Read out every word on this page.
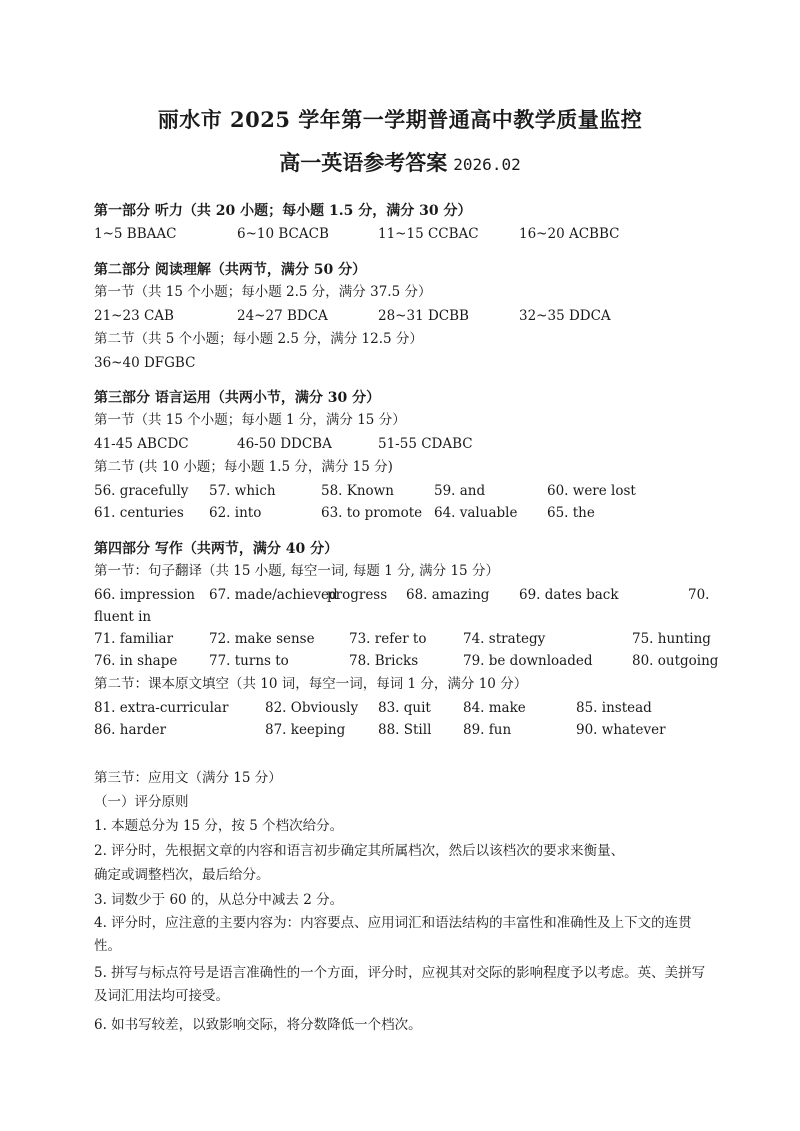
丽水市 2025 学年第一学期普通高中教学质量监控
高一英语参考答案 2026.02
第一部分 听力（共 20 小题；每小题 1.5 分，满分 30 分）
1~5 BBAAC	6~10 BCACB	11~15 CCBAC	16~20 ACBBC
第二部分 阅读理解（共两节，满分 50 分）
第一节（共 15 个小题；每小题 2.5 分，满分 37.5 分）
21~23 CAB	24~27 BDCA	28~31 DCBB	32~35 DDCA
第二节（共 5 个小题；每小题 2.5 分，满分 12.5 分）
36~40 DFGBC
第三部分 语言运用（共两小节，满分 30 分）
第一节（共 15 个小题；每小题 1 分，满分 15 分）
41-45 ABCDC	46-50 DDCBA	51-55 CDABC
第二节 (共 10 小题；每小题 1.5 分，满分 15 分)
56. gracefully 57. which	58. Known	59. and	60. were lost
61. centuries 62. into	63. to promote 64. valuable 65. the
第四部分 写作（共两节，满分 40 分）
第一节：句子翻译（共 15 小题, 每空一词, 每题 1 分, 满分 15 分）
66. impression 67. made/achieved
progress 68. amazing 69. dates back	70.
fluent in
71. familiar	72. make sense	73. refer to	74. strategy	75. hunting
76. in shape 77. turns to	78. Bricks	79. be downloaded	80. outgoing
第二节：课本原文填空（共 10 词，每空一词，每词 1 分，满分 10 分）
81. extra-curricular	82. Obviously 83. quit 84. make	85. instead
86. harder	87. keeping 88. Still 89. fun	90. whatever
第三节：应用文（满分 15 分）
（一）评分原则
1. 本题总分为 15 分，按 5 个档次给分。
2. 评分时，先根据文章的内容和语言初步确定其所属档次，然后以该档次的要求来衡量、
确定或调整档次，最后给分。
3. 词数少于 60 的，从总分中减去 2 分。
4. 评分时，应注意的主要内容为：内容要点、应用词汇和语法结构的丰富性和准确性及上下文的连贯性。
5. 拼写与标点符号是语言准确性的一个方面，评分时，应视其对交际的影响程度予以考虑。英、美拼写及词汇用法均可接受。
6. 如书写较差，以致影响交际，将分数降低一个档次。
